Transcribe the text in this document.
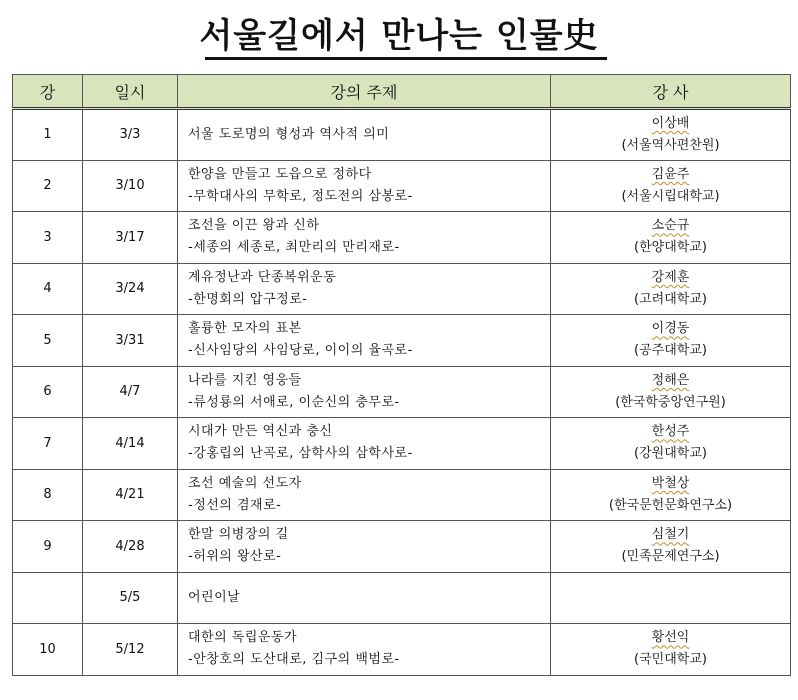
서울길에서 만나는 인물史
강	일시	강의 주제	강 사
1	3/3	서울 도로명의 형성과 역사적 의미	이상배
(서울역사편찬원)

2	3/10	한양을 만들고 도읍으로 정하다
-무학대사의 무학로, 정도전의 삼봉로-	김윤주
(서울시립대학교)

3	3/17	조선을 이끈 왕과 신하
-세종의 세종로, 최만리의 만리재로-	소순규
(한양대학교)

4	3/24	계유정난과 단종복위운동
-한명회의 압구정로-	강제훈
(고려대학교)

5	3/31	훌륭한 모자의 표본
-신사임당의 사임당로, 이이의 율곡로-	이경동
(공주대학교)

6	4/7	나라를 지킨 영웅들
-류성룡의 서애로, 이순신의 충무로-	정해은
(한국학중앙연구원)

7	4/14	시대가 만든 역신과 충신
-강홍립의 난곡로, 삼학사의 삼학사로-	한성주
(강원대학교)

8	4/21	조선 예술의 선도자
-정선의 겸재로-	박철상
(한국문헌문화연구소)

9	4/28	한말 의병장의 길
-허위의 왕산로-	심철기
(민족문제연구소)

	5/5	어린이날	

10	5/12	대한의 독립운동가
-안창호의 도산대로, 김구의 백범로-	황선익
(국민대학교)
